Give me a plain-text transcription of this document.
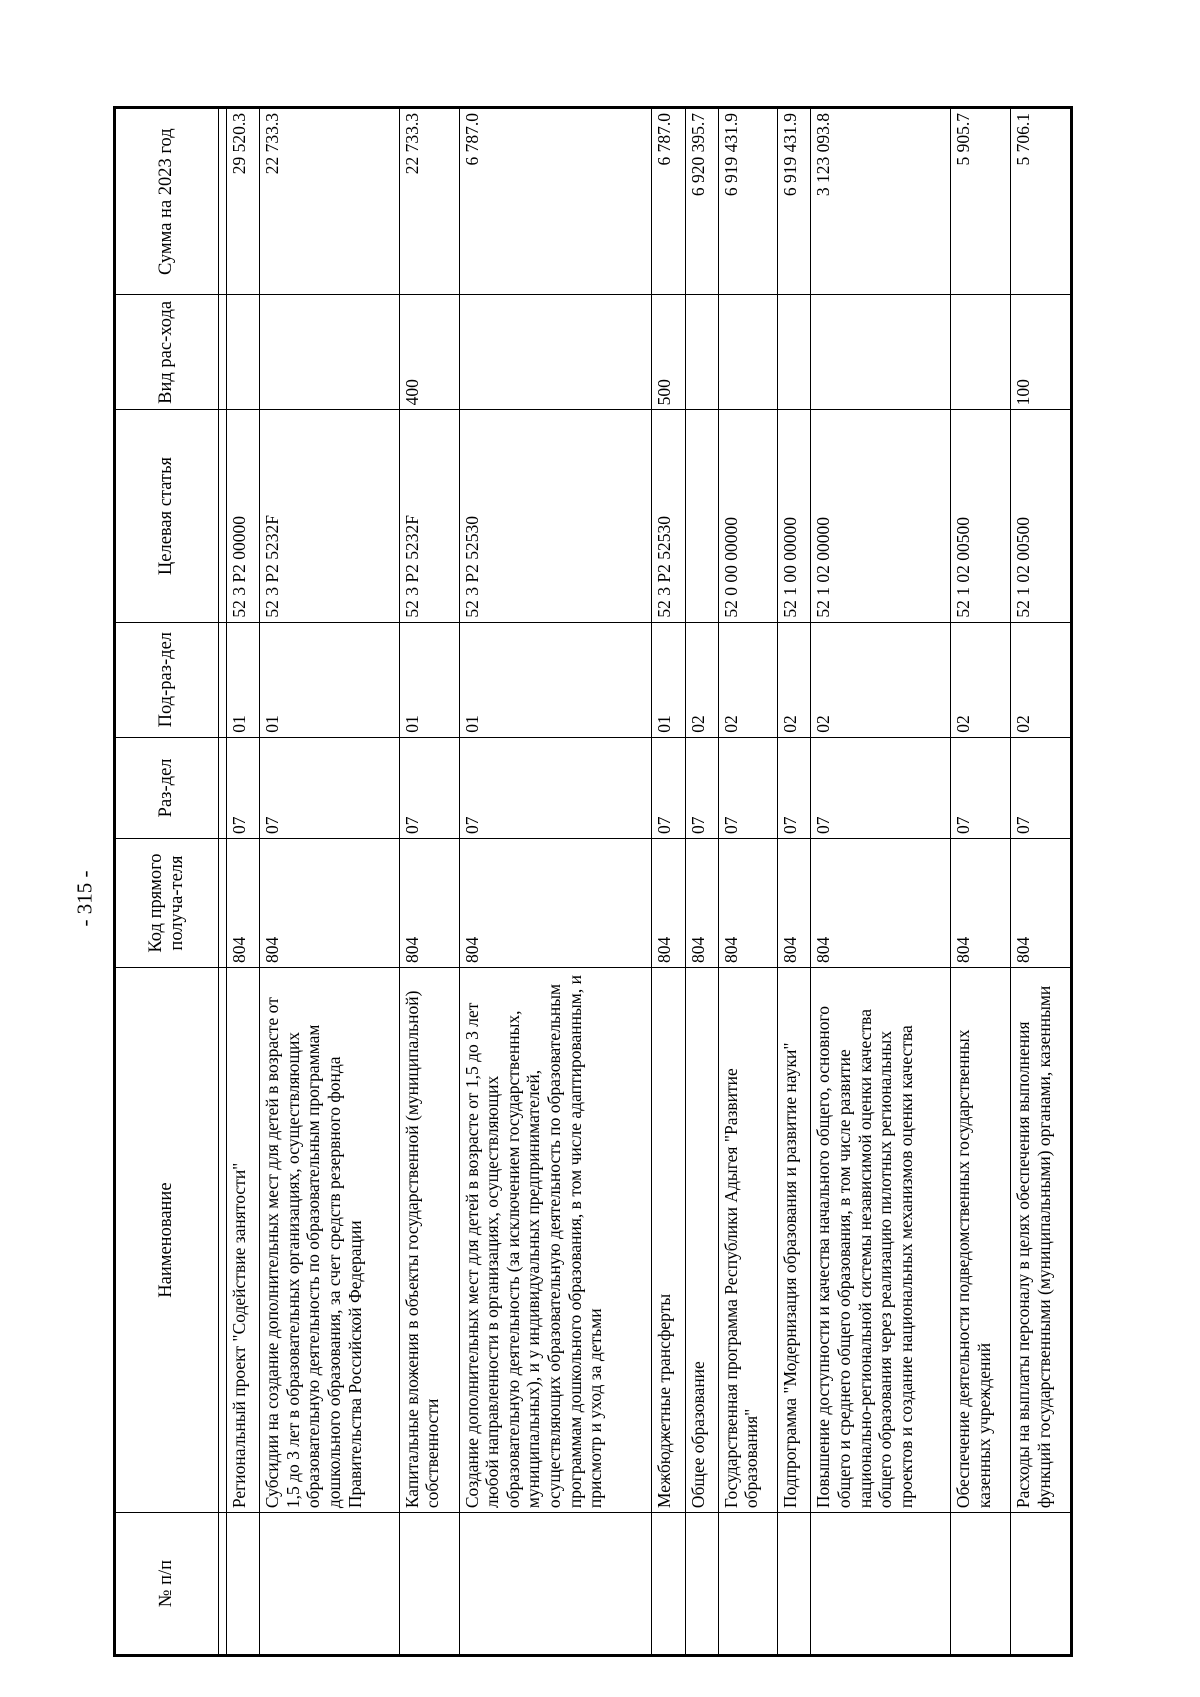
- 315 -
№ п/п	Наименование	Код прямого получа-теля	Раз-дел	Под-раз-дел	Целевая статья	Вид рас-хода	Сумма на 2023 год

	Региональный проект "Содействие занятости"	804	07	01	52 3 P2 00000		29 520.3
	Субсидии на создание дополнительных мест для детей в возрасте от 1,5 до 3 лет в образовательных организациях, осуществляющих образовательную деятельность по образовательным программам дошкольного образования, за счет средств резервного фонда Правительства Российской Федерации	804	07	01	52 3 P2 5232F		22 733.3
	Капитальные вложения в объекты государственной (муниципальной) собственности	804	07	01	52 3 P2 5232F	400	22 733.3
	Создание дополнительных мест для детей в возрасте от 1,5 до 3 лет любой направленности в организациях, осуществляющих образовательную деятельность (за исключением государственных, муниципальных), и у индивидуальных предпринимателей, осуществляющих образовательную деятельность по образовательным программам дошкольного образования, в том числе адаптированным, и присмотр и уход за детьми	804	07	01	52 3 P2 52530		6 787.0
	Межбюджетные трансферты	804	07	01	52 3 P2 52530	500	6 787.0
	Общее образование	804	07	02			6 920 395.7
	Государственная программа Республики Адыгея "Развитие образования"	804	07	02	52 0 00 00000		6 919 431.9
	Подпрограмма "Модернизация образования и развитие науки"	804	07	02	52 1 00 00000		6 919 431.9
	Повышение доступности и качества начального общего, основного общего и среднего общего образования, в том числе развитие национально-региональной системы независимой оценки качества общего образования через реализацию пилотных региональных проектов и создание национальных механизмов оценки качества	804	07	02	52 1 02 00000		3 123 093.8
	Обеспечение деятельности подведомственных государственных казенных учреждений	804	07	02	52 1 02 00500		5 905.7
	Расходы на выплаты персоналу в целях обеспечения выполнения функций государственными (муниципальными) органами, казенными	804	07	02	52 1 02 00500	100	5 706.1
